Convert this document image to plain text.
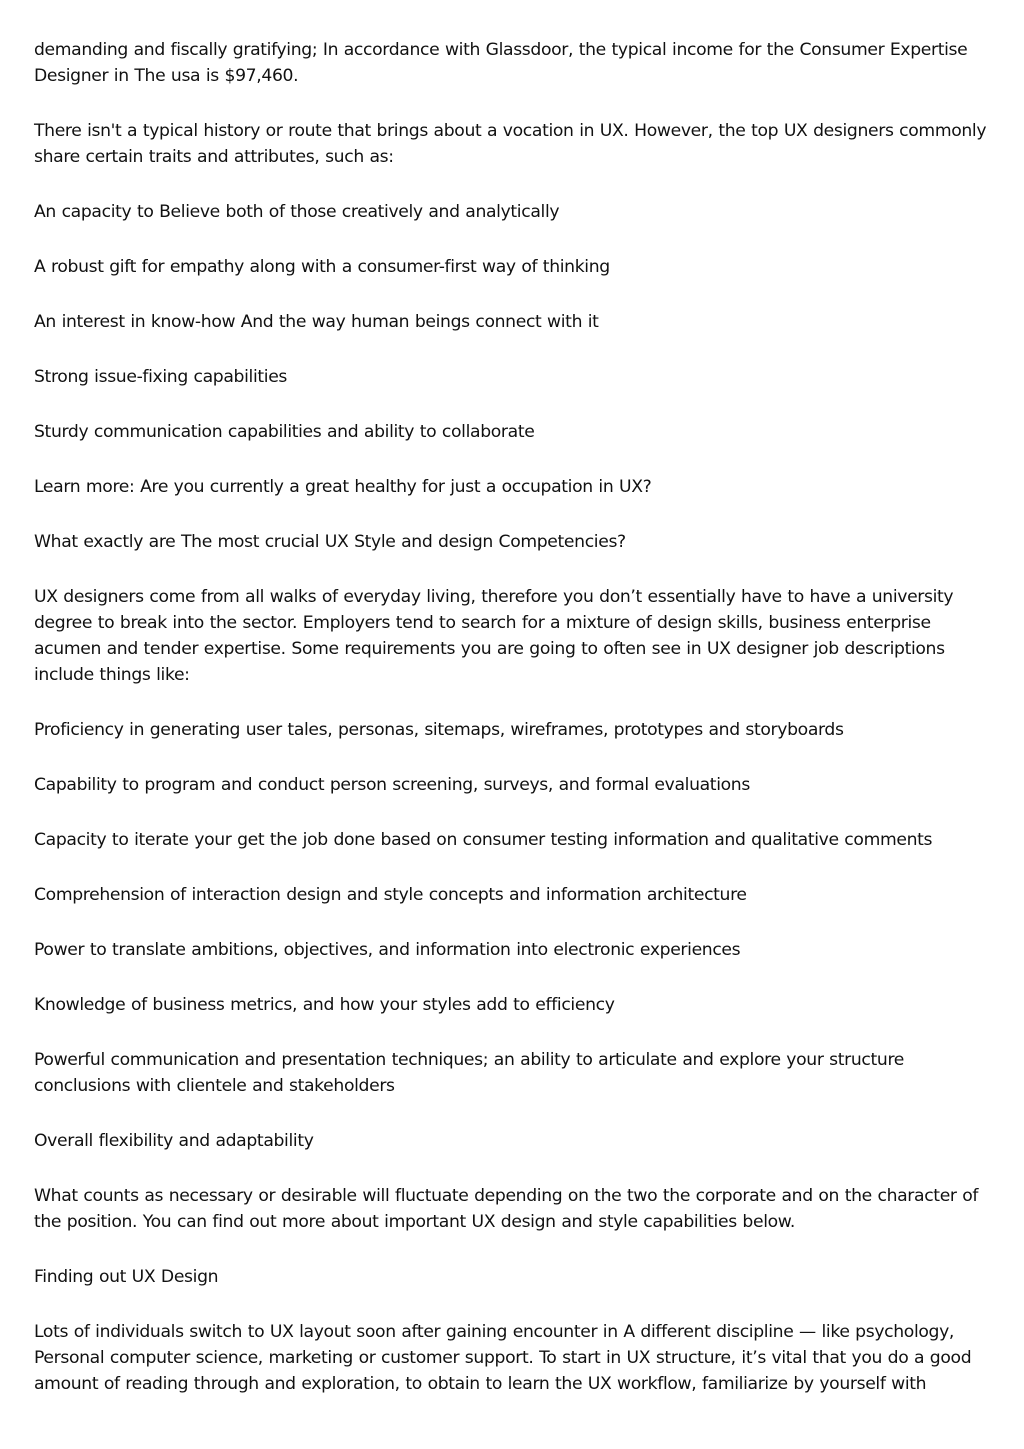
demanding and fiscally gratifying; In accordance with Glassdoor, the typical income for the Consumer Expertise Designer in The usa is $97,460.

There isn't a typical history or route that brings about a vocation in UX. However, the top UX designers commonly share certain traits and attributes, such as:

An capacity to Believe both of those creatively and analytically

A robust gift for empathy along with a consumer-first way of thinking

An interest in know-how And the way human beings connect with it

Strong issue-fixing capabilities

Sturdy communication capabilities and ability to collaborate

Learn more: Are you currently a great healthy for just a occupation in UX?

What exactly are The most crucial UX Style and design Competencies?

UX designers come from all walks of everyday living, therefore you don’t essentially have to have a university degree to break into the sector. Employers tend to search for a mixture of design skills, business enterprise acumen and tender expertise. Some requirements you are going to often see in UX designer job descriptions include things like:

Proficiency in generating user tales, personas, sitemaps, wireframes, prototypes and storyboards

Capability to program and conduct person screening, surveys, and formal evaluations

Capacity to iterate your get the job done based on consumer testing information and qualitative comments

Comprehension of interaction design and style concepts and information architecture

Power to translate ambitions, objectives, and information into electronic experiences

Knowledge of business metrics, and how your styles add to efficiency

Powerful communication and presentation techniques; an ability to articulate and explore your structure conclusions with clientele and stakeholders

Overall flexibility and adaptability

What counts as necessary or desirable will fluctuate depending on the two the corporate and on the character of the position. You can find out more about important UX design and style capabilities below.

Finding out UX Design

Lots of individuals switch to UX layout soon after gaining encounter in A different discipline — like psychology, Personal computer science, marketing or customer support. To start in UX structure, it’s vital that you do a good amount of reading through and exploration, to obtain to learn the UX workflow, familiarize by yourself with
